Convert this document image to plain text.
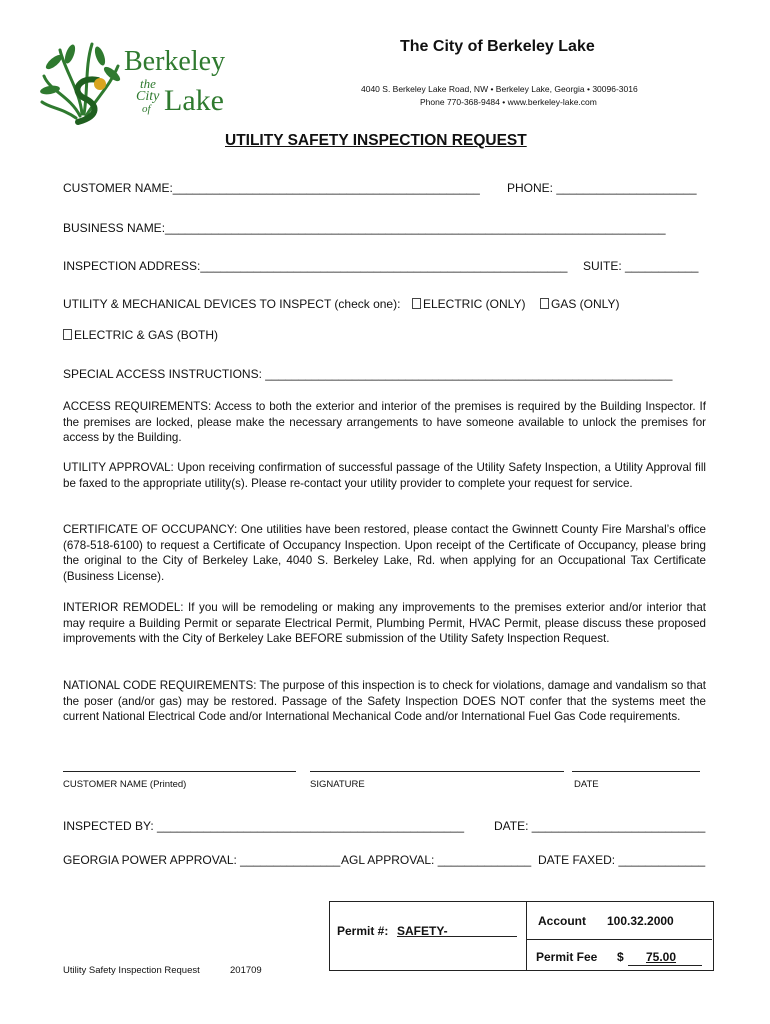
Berkeley
the
City
of Lake
The City of Berkeley Lake
4040 S. Berkeley Lake Road, NW • Berkeley Lake, Georgia • 30096-3016
Phone 770-368-9484 • www.berkeley-lake.com
UTILITY SAFETY INSPECTION REQUEST
CUSTOMER NAME:______________________________________________ PHONE: _____________________
BUSINESS NAME:___________________________________________________________________________
INSPECTION ADDRESS:_______________________________________________________ SUITE: ___________
UTILITY & MECHANICAL DEVICES TO INSPECT (check one):	ELECTRIC (ONLY)	GAS (ONLY)
ELECTRIC & GAS (BOTH)
SPECIAL ACCESS INSTRUCTIONS: _____________________________________________________________
ACCESS REQUIREMENTS: Access to both the exterior and interior of the premises is required by the Building Inspector. If the premises are locked, please make the necessary arrangements to have someone available to unlock the premises for access by the Building.
UTILITY APPROVAL: Upon receiving confirmation of successful passage of the Utility Safety Inspection, a Utility Approval fill be faxed to the appropriate utility(s). Please re-contact your utility provider to complete your request for service.
CERTIFICATE OF OCCUPANCY: One utilities have been restored, please contact the Gwinnett County Fire Marshal’s office (678-518-6100) to request a Certificate of Occupancy Inspection. Upon receipt of the Certificate of Occupancy, please bring the original to the City of Berkeley Lake, 4040 S. Berkeley Lake, Rd. when applying for an Occupational Tax Certificate (Business License).
INTERIOR REMODEL: If you will be remodeling or making any improvements to the premises exterior and/or interior that may require a Building Permit or separate Electrical Permit, Plumbing Permit, HVAC Permit, please discuss these proposed improvements with the City of Berkeley Lake BEFORE submission of the Utility Safety Inspection Request.
NATIONAL CODE REQUIREMENTS: The purpose of this inspection is to check for violations, damage and vandalism so that the poser (and/or gas) may be restored. Passage of the Safety Inspection DOES NOT confer that the systems meet the current National Electrical Code and/or International Mechanical Code and/or International Fuel Gas Code requirements.
CUSTOMER NAME (Printed)	SIGNATURE	DATE
INSPECTED BY: ______________________________________________ DATE: __________________________
GEORGIA POWER APPROVAL: _______________ AGL APPROVAL: ______________ DATE FAXED: _____________
Permit #: SAFETY-
Account 100.32.2000
Permit Fee $ 75.00
Utility Safety Inspection Request	201709
